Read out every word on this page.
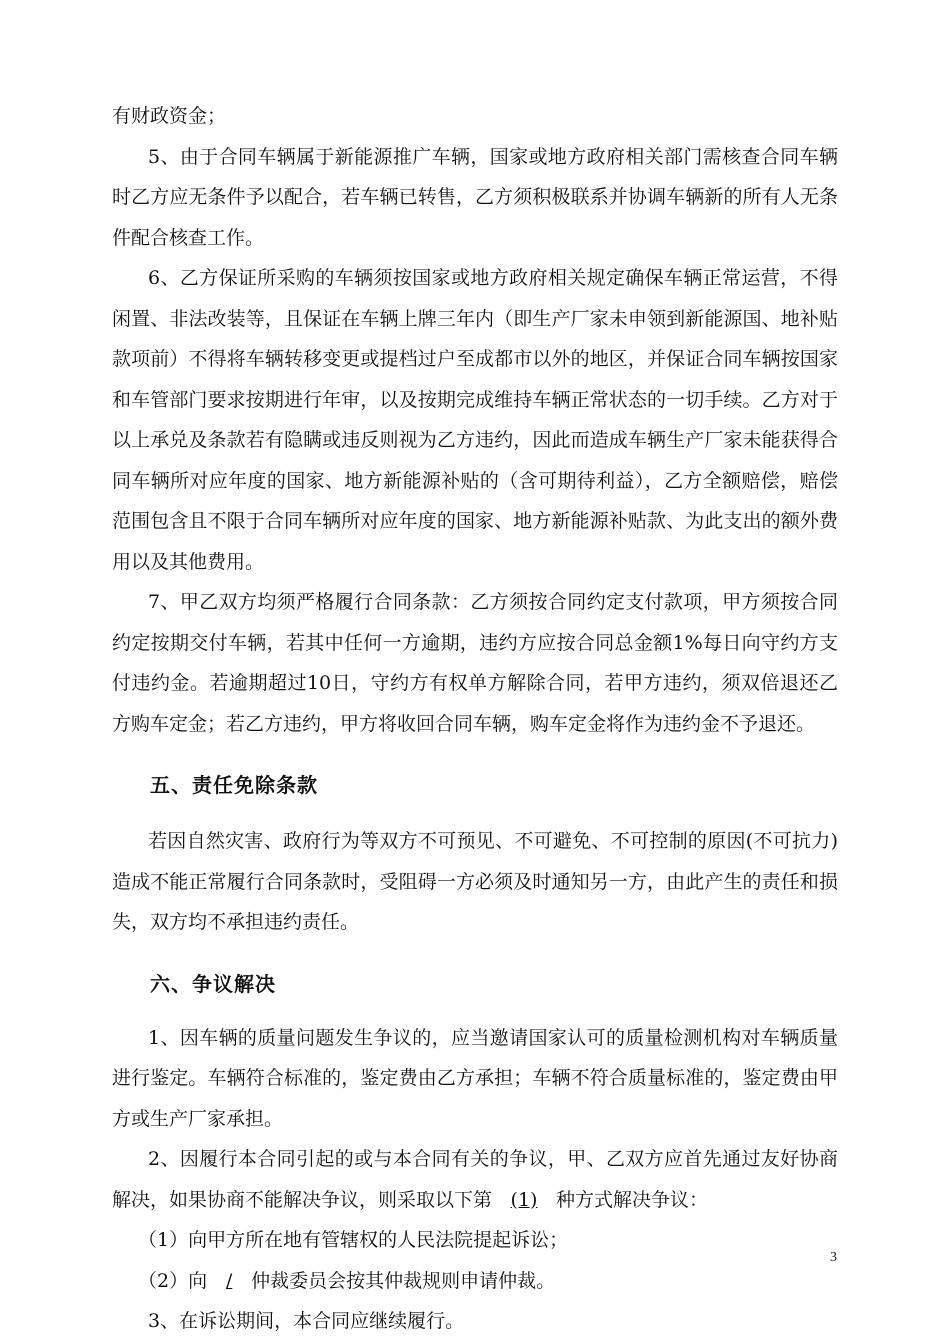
有财政资金；

5、由于合同车辆属于新能源推广车辆，国家或地方政府相关部门需核查合同车辆时乙方应无条件予以配合，若车辆已转售，乙方须积极联系并协调车辆新的所有人无条件配合核查工作。

6、乙方保证所采购的车辆须按国家或地方政府相关规定确保车辆正常运营，不得闲置、非法改装等，且保证在车辆上牌三年内（即生产厂家未申领到新能源国、地补贴款项前）不得将车辆转移变更或提档过户至成都市以外的地区，并保证合同车辆按国家和车管部门要求按期进行年审，以及按期完成维持车辆正常状态的一切手续。乙方对于以上承兑及条款若有隐瞒或违反则视为乙方违约，因此而造成车辆生产厂家未能获得合同车辆所对应年度的国家、地方新能源补贴的（含可期待利益），乙方全额赔偿，赔偿范围包含且不限于合同车辆所对应年度的国家、地方新能源补贴款、为此支出的额外费用以及其他费用。

7、甲乙双方均须严格履行合同条款：乙方须按合同约定支付款项，甲方须按合同约定按期交付车辆，若其中任何一方逾期，违约方应按合同总金额1%每日向守约方支付违约金。若逾期超过10日，守约方有权单方解除合同，若甲方违约，须双倍退还乙方购车定金；若乙方违约，甲方将收回合同车辆，购车定金将作为违约金不予退还。

五、责任免除条款

若因自然灾害、政府行为等双方不可预见、不可避免、不可控制的原因(不可抗力)造成不能正常履行合同条款时，受阻碍一方必须及时通知另一方，由此产生的责任和损失，双方均不承担违约责任。

六、争议解决

1、因车辆的质量问题发生争议的，应当邀请国家认可的质量检测机构对车辆质量进行鉴定。车辆符合标准的，鉴定费由乙方承担；车辆不符合质量标准的，鉴定费由甲方或生产厂家承担。

2、因履行本合同引起的或与本合同有关的争议，甲、乙双方应首先通过友好协商解决，如果协商不能解决争议，则采取以下第 (1) 种方式解决争议：

（1）向甲方所在地有管辖权的人民法院提起诉讼；

（2）向 / 仲裁委员会按其仲裁规则申请仲裁。

3、在诉讼期间，本合同应继续履行。

3
